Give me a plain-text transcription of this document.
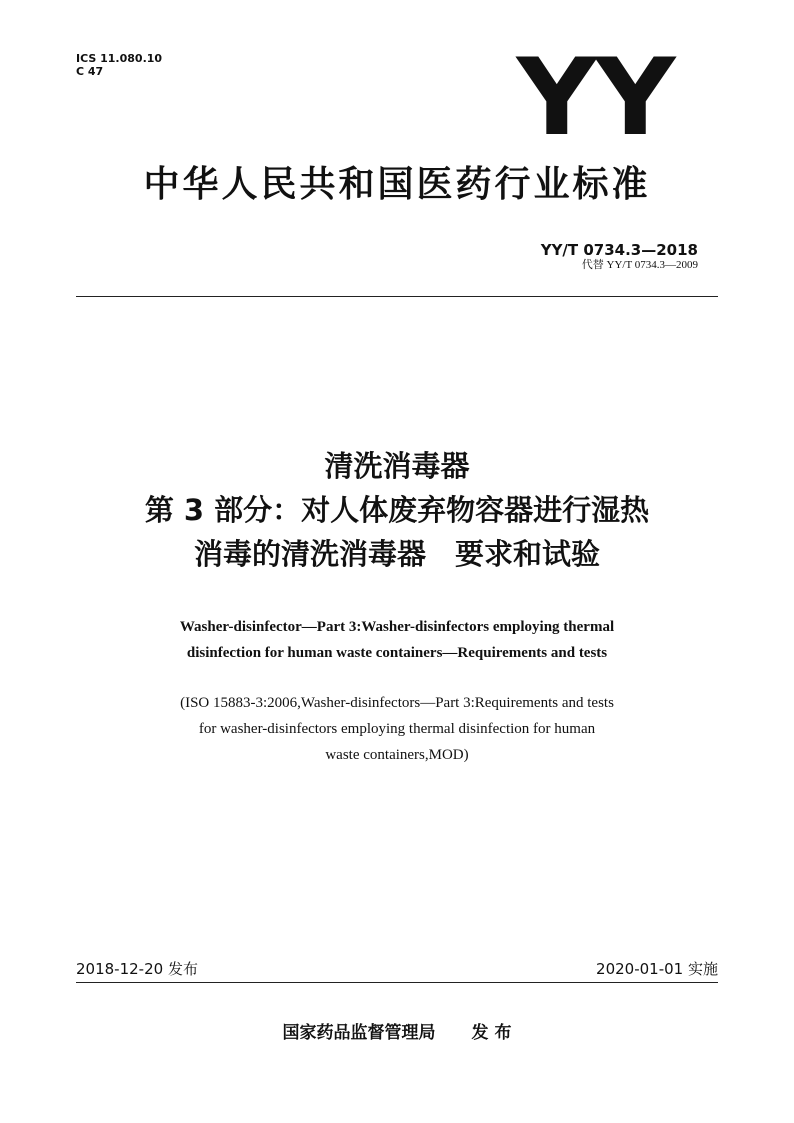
ICS 11.080.10
C 47	YY
中华人民共和国医药行业标准
YY/T 0734.3—2018
代替 YY/T 0734.3—2009
清洗消毒器
第 3 部分：对人体废弃物容器进行湿热
消毒的清洗消毒器　要求和试验
Washer-disinfector—Part 3:Washer-disinfectors employing thermal
disinfection for human waste containers—Requirements and tests
(ISO 15883-3:2006,Washer-disinfectors—Part 3:Requirements and tests
for washer-disinfectors employing thermal disinfection for human
waste containers,MOD)
2018-12-20 发布	2020-01-01 实施
国家药品监督管理局 发 布
